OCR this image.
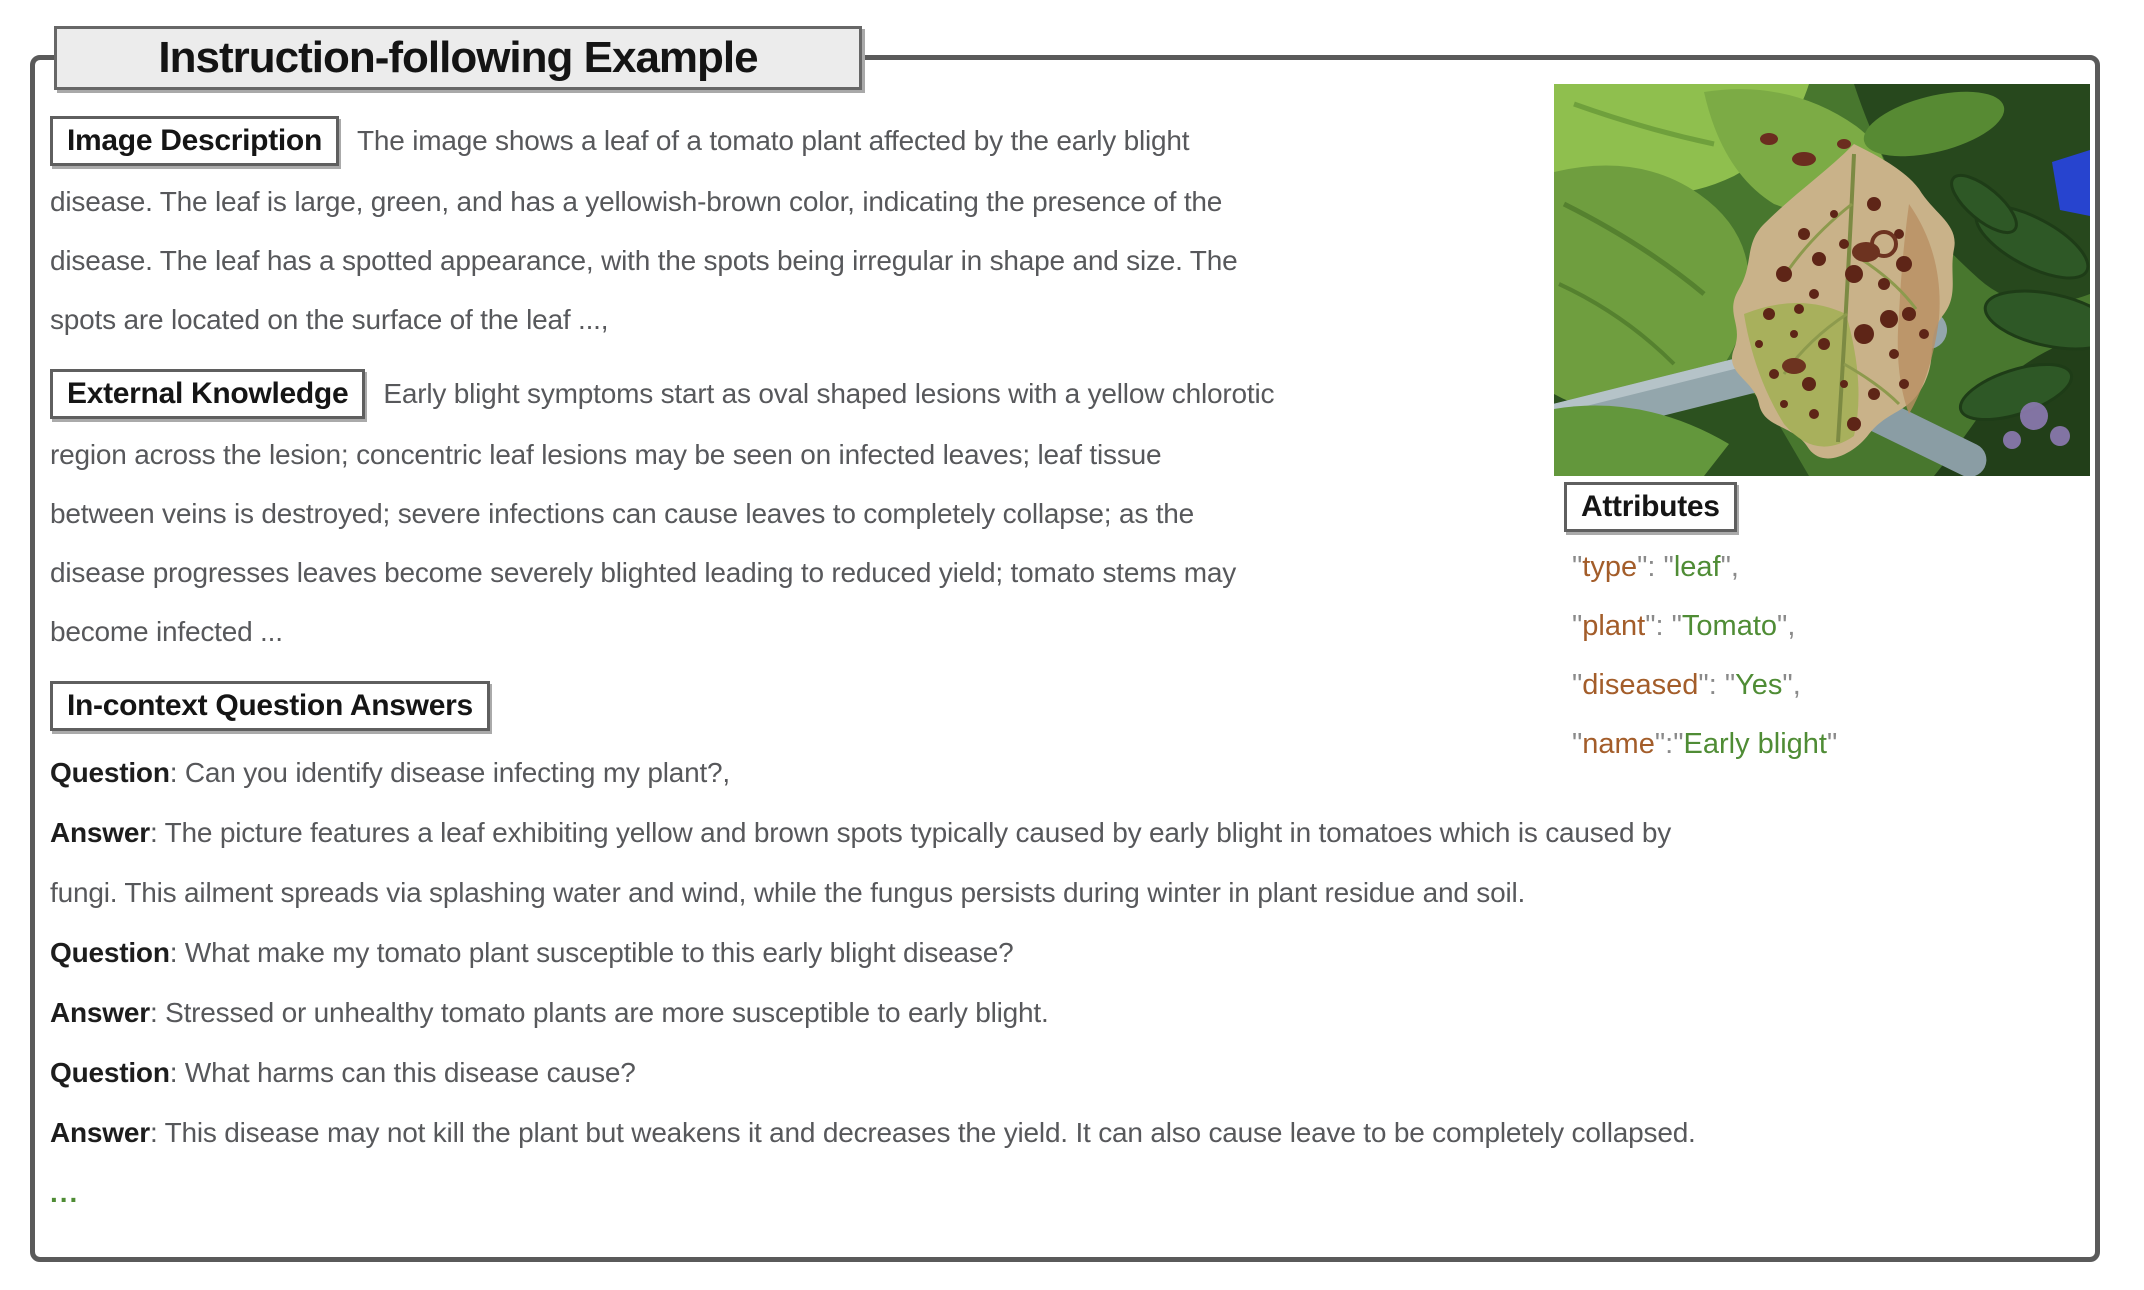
Instruction-following Example
Image Description The image shows a leaf of a tomato plant affected by the early blight
disease. The leaf is large, green, and has a yellowish-brown color, indicating the presence of the
disease. The leaf has a spotted appearance, with the spots being irregular in shape and size. The
spots are located on the surface of the leaf ...,
External Knowledge Early blight symptoms start as oval shaped lesions with a yellow chlorotic
region across the lesion; concentric leaf lesions may be seen on infected leaves; leaf tissue
between veins is destroyed; severe infections can cause leaves to completely collapse; as the
disease progresses leaves become severely blighted leading to reduced yield; tomato stems may
become infected ...
In-context Question Answers
Question: Can you identify disease infecting my plant?,
Answer: The picture features a leaf exhibiting yellow and brown spots typically caused by early blight in tomatoes which is caused by
fungi. This ailment spreads via splashing water and wind, while the fungus persists during winter in plant residue and soil.
Question: What make my tomato plant susceptible to this early blight disease?
Answer: Stressed or unhealthy tomato plants are more susceptible to early blight.
Question: What harms can this disease cause?
Answer: This disease may not kill the plant but weakens it and decreases the yield. It can also cause leave to be completely collapsed.
...
Attributes
"type": "leaf",
"plant": "Tomato",
"diseased": "Yes",
"name":"Early blight"
